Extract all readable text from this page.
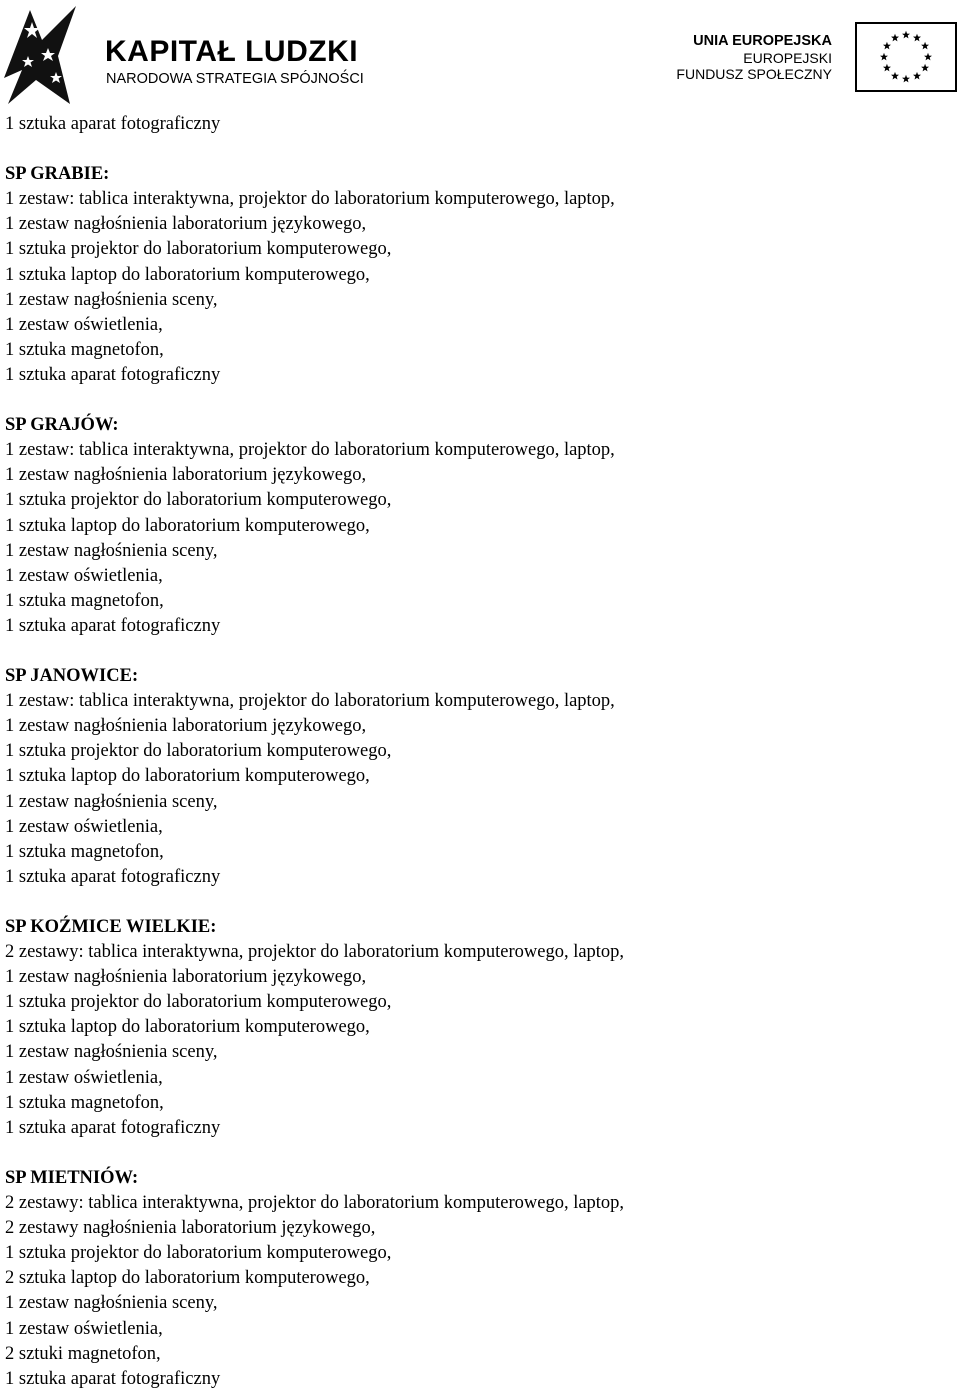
KAPITAŁ LUDZKI
NARODOWA STRATEGIA SPÓJNOŚCI
UNIA EUROPEJSKA
EUROPEJSKI
FUNDUSZ SPOŁECZNY
1 sztuka aparat fotograficzny
SP GRABIE:
1 zestaw: tablica interaktywna, projektor do laboratorium komputerowego, laptop,
1 zestaw nagłośnienia laboratorium językowego,
1 sztuka projektor do laboratorium komputerowego,
1 sztuka laptop do laboratorium komputerowego,
1 zestaw nagłośnienia sceny,
1 zestaw oświetlenia,
1 sztuka magnetofon,
1 sztuka aparat fotograficzny
SP GRAJÓW:
1 zestaw: tablica interaktywna, projektor do laboratorium komputerowego, laptop,
1 zestaw nagłośnienia laboratorium językowego,
1 sztuka projektor do laboratorium komputerowego,
1 sztuka laptop do laboratorium komputerowego,
1 zestaw nagłośnienia sceny,
1 zestaw oświetlenia,
1 sztuka magnetofon,
1 sztuka aparat fotograficzny
SP JANOWICE:
1 zestaw: tablica interaktywna, projektor do laboratorium komputerowego, laptop,
1 zestaw nagłośnienia laboratorium językowego,
1 sztuka projektor do laboratorium komputerowego,
1 sztuka laptop do laboratorium komputerowego,
1 zestaw nagłośnienia sceny,
1 zestaw oświetlenia,
1 sztuka magnetofon,
1 sztuka aparat fotograficzny
SP KOŹMICE WIELKIE:
2 zestawy: tablica interaktywna, projektor do laboratorium komputerowego, laptop,
1 zestaw nagłośnienia laboratorium językowego,
1 sztuka projektor do laboratorium komputerowego,
1 sztuka laptop do laboratorium komputerowego,
1 zestaw nagłośnienia sceny,
1 zestaw oświetlenia,
1 sztuka magnetofon,
1 sztuka aparat fotograficzny
SP MIETNIÓW:
2 zestawy: tablica interaktywna, projektor do laboratorium komputerowego, laptop,
2 zestawy nagłośnienia laboratorium językowego,
1 sztuka projektor do laboratorium komputerowego,
2 sztuka laptop do laboratorium komputerowego,
1 zestaw nagłośnienia sceny,
1 zestaw oświetlenia,
2 sztuki magnetofon,
1 sztuka aparat fotograficzny
